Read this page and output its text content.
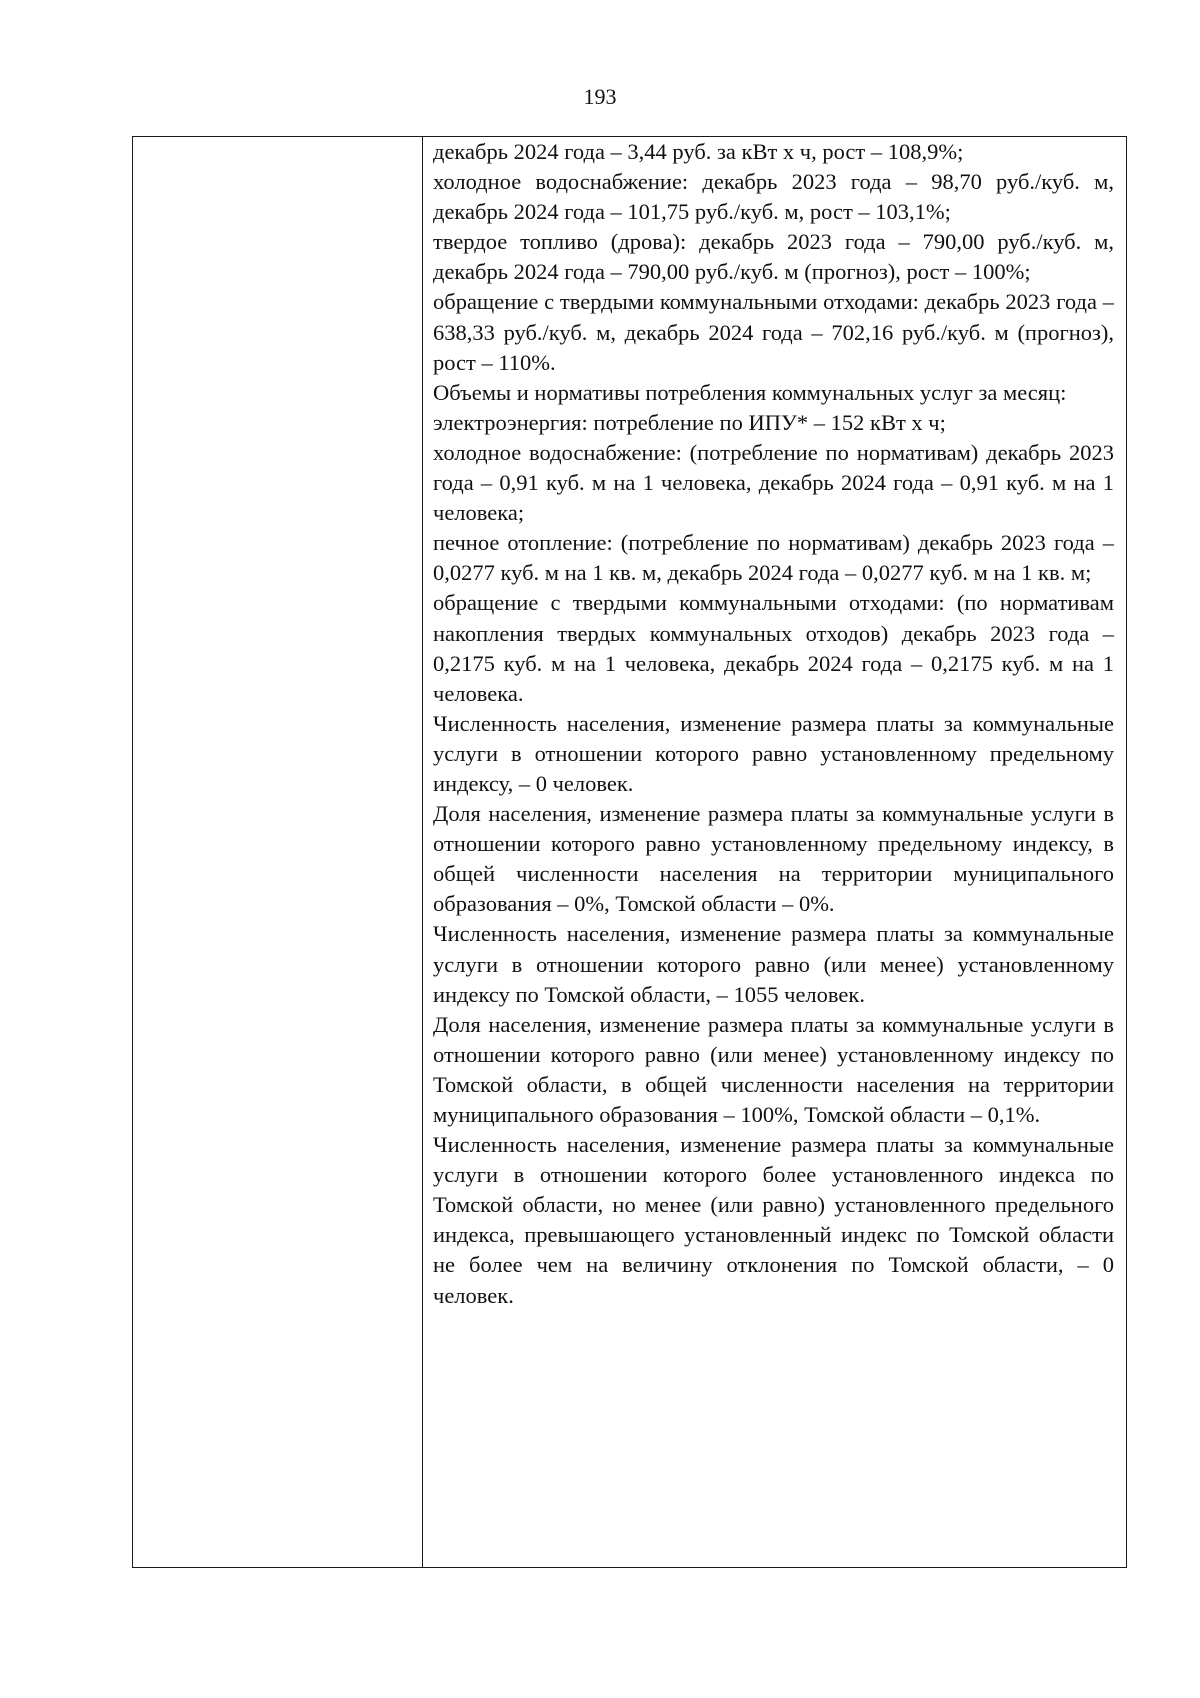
193

декабрь 2024 года – 3,44 руб. за кВт х ч, рост – 108,9%;

холодное водоснабжение: декабрь 2023 года – 98,70 руб./куб. м, декабрь 2024 года – 101,75 руб./куб. м, рост – 103,1%;

твердое топливо (дрова): декабрь 2023 года – 790,00 руб./куб. м, декабрь 2024 года – 790,00 руб./куб. м (прогноз), рост – 100%;

обращение с твердыми коммунальными отходами: декабрь 2023 года – 638,33 руб./куб. м, декабрь 2024 года – 702,16 руб./куб. м (прогноз), рост – 110%.

Объемы и нормативы потребления коммунальных услуг за месяц:

электроэнергия: потребление по ИПУ* – 152 кВт х ч;

холодное водоснабжение: (потребление по нормативам) декабрь 2023 года – 0,91 куб. м на 1 человека, декабрь 2024 года – 0,91 куб. м на 1 человека;

печное отопление: (потребление по нормативам) декабрь 2023 года – 0,0277 куб. м на 1 кв. м, декабрь 2024 года – 0,0277 куб. м на 1 кв. м;

обращение с твердыми коммунальными отходами: (по нормативам накопления твердых коммунальных отходов) декабрь 2023 года – 0,2175 куб. м на 1 человека, декабрь 2024 года – 0,2175 куб. м на 1 человека.

Численность населения, изменение размера платы за коммунальные услуги в отношении которого равно установленному предельному индексу, – 0 человек.

Доля населения, изменение размера платы за коммунальные услуги в отношении которого равно установленному предельному индексу, в общей численности населения на территории муниципального образования – 0%, Томской области – 0%.

Численность населения, изменение размера платы за коммунальные услуги в отношении которого равно (или менее) установленному индексу по Томской области, – 1055 человек.

Доля населения, изменение размера платы за коммунальные услуги в отношении которого равно (или менее) установленному индексу по Томской области, в общей численности населения на территории муниципального образования – 100%, Томской области – 0,1%.

Численность населения, изменение размера платы за коммунальные услуги в отношении которого более установленного индекса по Томской области, но менее (или равно) установленного предельного индекса, превышающего установленный индекс по Томской области не более чем на величину отклонения по Томской области, – 0 человек.
